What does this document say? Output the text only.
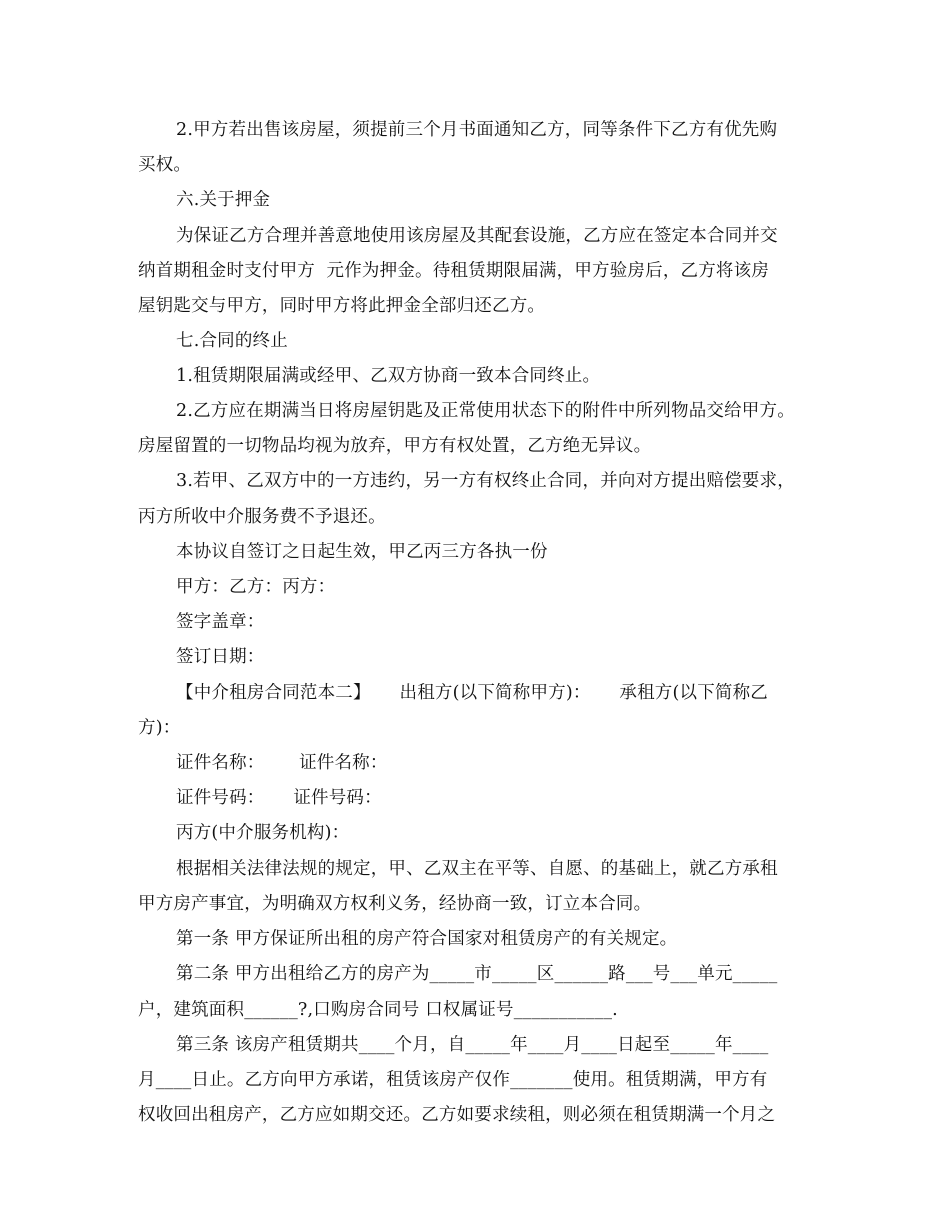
2.甲方若出售该房屋，须提前三个月书面通知乙方，同等条件下乙方有优先购
买权。
六.关于押金
为保证乙方合理并善意地使用该房屋及其配套设施，乙方应在签定本合同并交
纳首期租金时支付甲方  元作为押金。待租赁期限届满，甲方验房后，乙方将该房
屋钥匙交与甲方，同时甲方将此押金全部归还乙方。
七.合同的终止
1.租赁期限届满或经甲、乙双方协商一致本合同终止。
2.乙方应在期满当日将房屋钥匙及正常使用状态下的附件中所列物品交给甲方。
房屋留置的一切物品均视为放弃，甲方有权处置，乙方绝无异议。
3.若甲、乙双方中的一方违约，另一方有权终止合同，并向对方提出赔偿要求，
丙方所收中介服务费不予退还。
本协议自签订之日起生效，甲乙丙三方各执一份
甲方：乙方：丙方：
签字盖章：
签订日期：
【中介租房合同范本二】     出租方(以下简称甲方)：     承租方(以下简称乙
方)：
证件名称：      证件名称：
证件号码：     证件号码：
丙方(中介服务机构)：
根据相关法律法规的规定，甲、乙双主在平等、自愿、的基础上，就乙方承租
甲方房产事宜，为明确双方权利义务，经协商一致，订立本合同。
第一条 甲方保证所出租的房产符合国家对租赁房产的有关规定。
第二条 甲方出租给乙方的房产为_____市_____区______路___号___单元_____
户，建筑面积______?,口购房合同号 口权属证号___________.
第三条 该房产租赁期共____个月，自_____年____月____日起至_____年____
月____日止。乙方向甲方承诺，租赁该房产仅作_______使用。租赁期满，甲方有
权收回出租房产，乙方应如期交还。乙方如要求续租，则必须在租赁期满一个月之
